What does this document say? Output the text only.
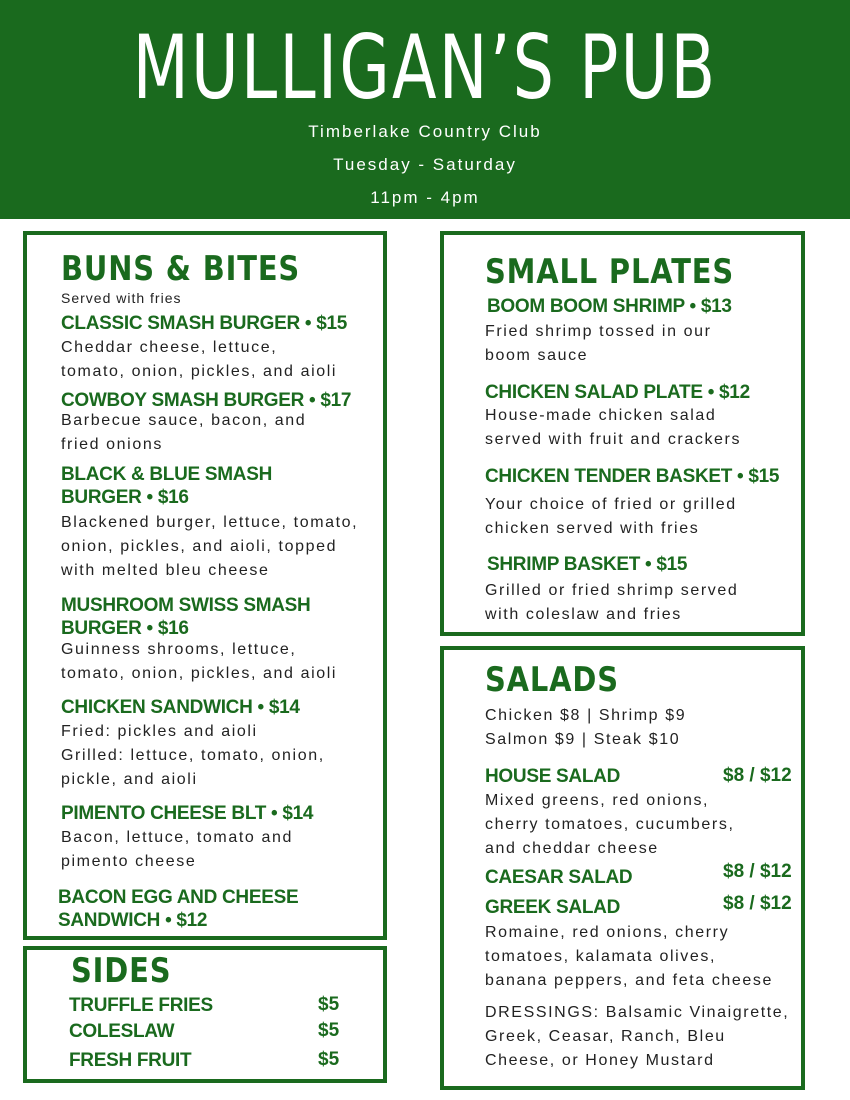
MULLIGAN’S PUB
Timberlake Country Club
Tuesday - Saturday
11pm - 4pm
BUNS & BITES
Served with fries
CLASSIC SMASH BURGER • $15
Cheddar cheese, lettuce,
tomato, onion, pickles, and aioli
COWBOY SMASH BURGER • $17
Barbecue sauce, bacon, and
fried onions
BLACK & BLUE SMASH
BURGER • $16
Blackened burger, lettuce, tomato,
onion, pickles, and aioli, topped
with melted bleu cheese
MUSHROOM SWISS SMASH
BURGER • $16
Guinness shrooms, lettuce,
tomato, onion, pickles, and aioli
CHICKEN SANDWICH • $14
Fried: pickles and aioli
Grilled: lettuce, tomato, onion,
pickle, and aioli
PIMENTO CHEESE BLT • $14
Bacon, lettuce, tomato and
pimento cheese
BACON EGG AND CHEESE
SANDWICH • $12
SIDES
TRUFFLE FRIES	$5
COLESLAW	$5
FRESH FRUIT	$5
SMALL PLATES
BOOM BOOM SHRIMP • $13
Fried shrimp tossed in our
boom sauce
CHICKEN SALAD PLATE • $12
House-made chicken salad
served with fruit and crackers
CHICKEN TENDER BASKET • $15
Your choice of fried or grilled
chicken served with fries
SHRIMP BASKET • $15
Grilled or fried shrimp served
with coleslaw and fries
SALADS
Chicken $8 | Shrimp $9
Salmon $9 | Steak $10
HOUSE SALAD	$8 / $12
Mixed greens, red onions,
cherry tomatoes, cucumbers,
and cheddar cheese
CAESAR SALAD	$8 / $12
GREEK SALAD	$8 / $12
Romaine, red onions, cherry
tomatoes, kalamata olives,
banana peppers, and feta cheese
DRESSINGS: Balsamic Vinaigrette,
Greek, Ceasar, Ranch, Bleu
Cheese, or Honey Mustard
